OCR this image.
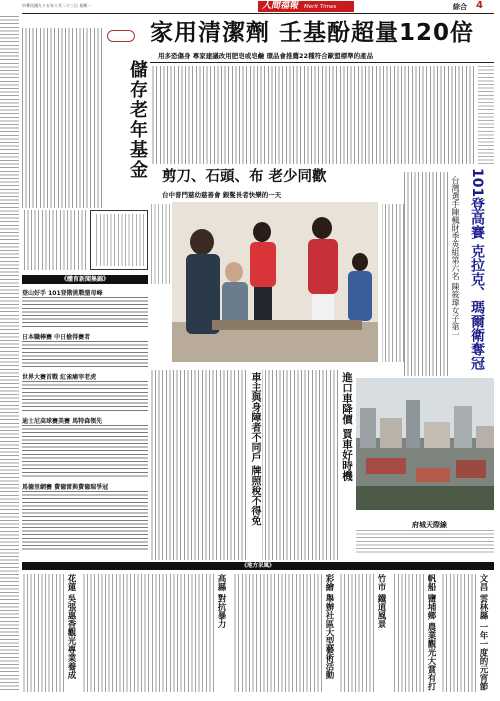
中華民國九十五年十月二十三日 星期一	人間福報 Merit Times	綜合 4
儲存老年基金
《體育新聞集錦》
登山好手 101登階挑戰聖母峰
日本職棒賽 中日搶得賽者
世界大賽首戰 紅雀痛宰老虎
迪士尼高球賽美賽 馬特森領先
馬德里網賽 費德雷與費德瑞爭冠
家用清潔劑 壬基酚超量120倍
用多恐傷身 專家建議改用肥皂或皂鹼 環品會推薦22種符合歐盟標準的產品
剪刀、石頭、布 老少同歡
台中普門慈幼慈善會 銀髮長者快樂的一天	101登高賽 克拉克、瑪爾衛奪冠
台灣選手陳楓財季英組第六名 陳筱瑋女子第一
車主與身障者不同戶 牌照稅不得免	進口車降價 買車好時機
府城天際線
《地方采風》
文昌 雲林縣 一年一度的元宵節
帆船 鹽埔鄉 農業觀光大賞有打
竹市 鐵道風景
彩繪 舉辦社區大型藝術活動
高縣 對抗暴力
花蓮 吳張惠香觀光專業養成
